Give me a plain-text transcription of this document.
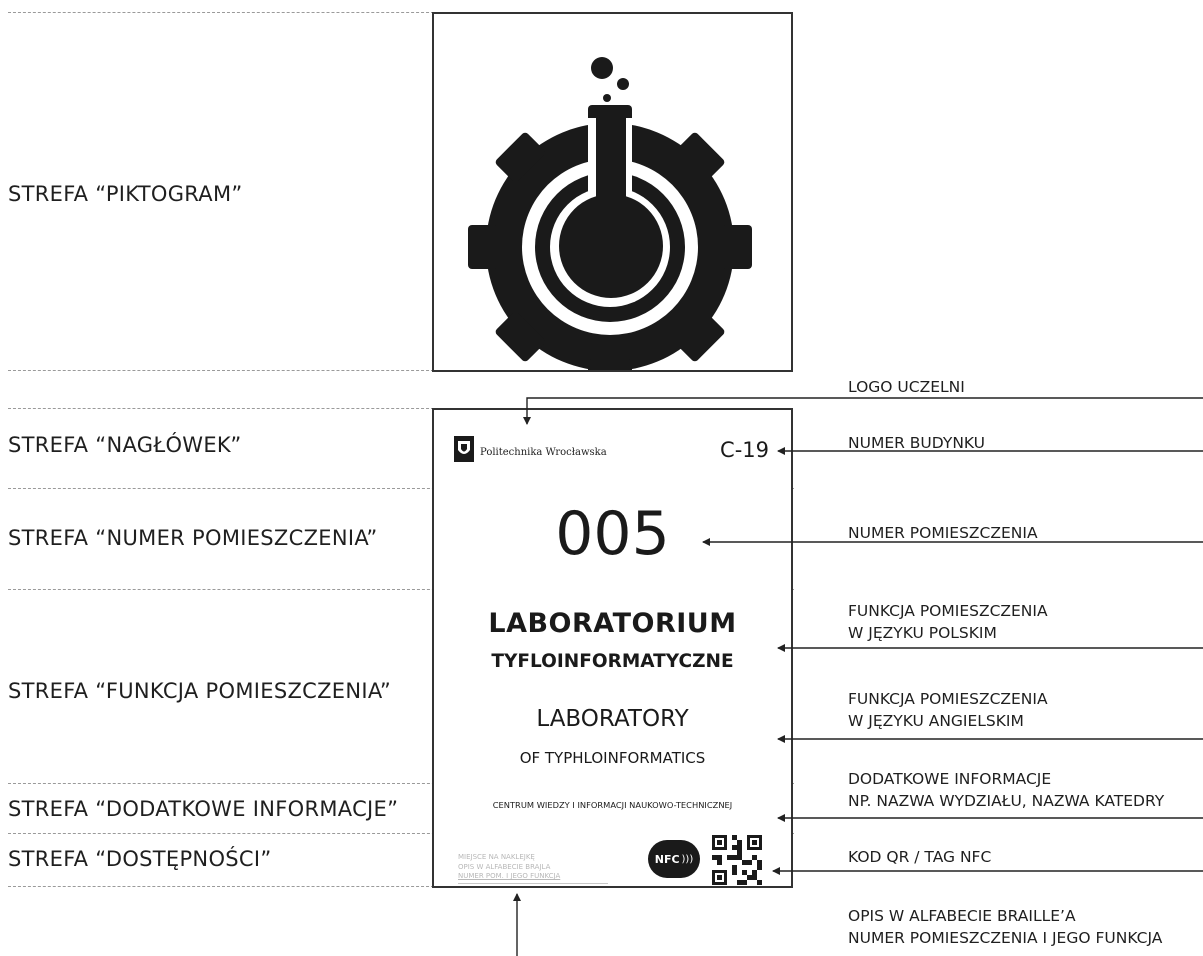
STREFA “PIKTOGRAM”
STREFA “NAGŁÓWEK”
STREFA “NUMER POMIESZCZENIA”
STREFA “FUNKCJA POMIESZCZENIA”
STREFA “DODATKOWE INFORMACJE”
STREFA “DOSTĘPNOŚCI”
Politechnika Wrocławska	C-19
005
LABORATORIUM
TYFLOINFORMATYCZNE
LABORATORY
OF TYPHLOINFORMATICS
CENTRUM WIEDZY I INFORMACJI NAUKOWO-TECHNICZNEJ
MIEJSCE NA NAKLEJKĘ
OPIS W ALFABECIE BRAJLA
NUMER POM. I JEGO FUNKCJA
NFC )))
LOGO UCZELNI
NUMER BUDYNKU
NUMER POMIESZCZENIA
FUNKCJA POMIESZCZENIA
W JĘZYKU POLSKIM
FUNKCJA POMIESZCZENIA
W JĘZYKU ANGIELSKIM
DODATKOWE INFORMACJE
NP. NAZWA WYDZIAŁU, NAZWA KATEDRY
KOD QR / TAG NFC
OPIS W ALFABECIE BRAILLE’A
NUMER POMIESZCZENIA I JEGO FUNKCJA
